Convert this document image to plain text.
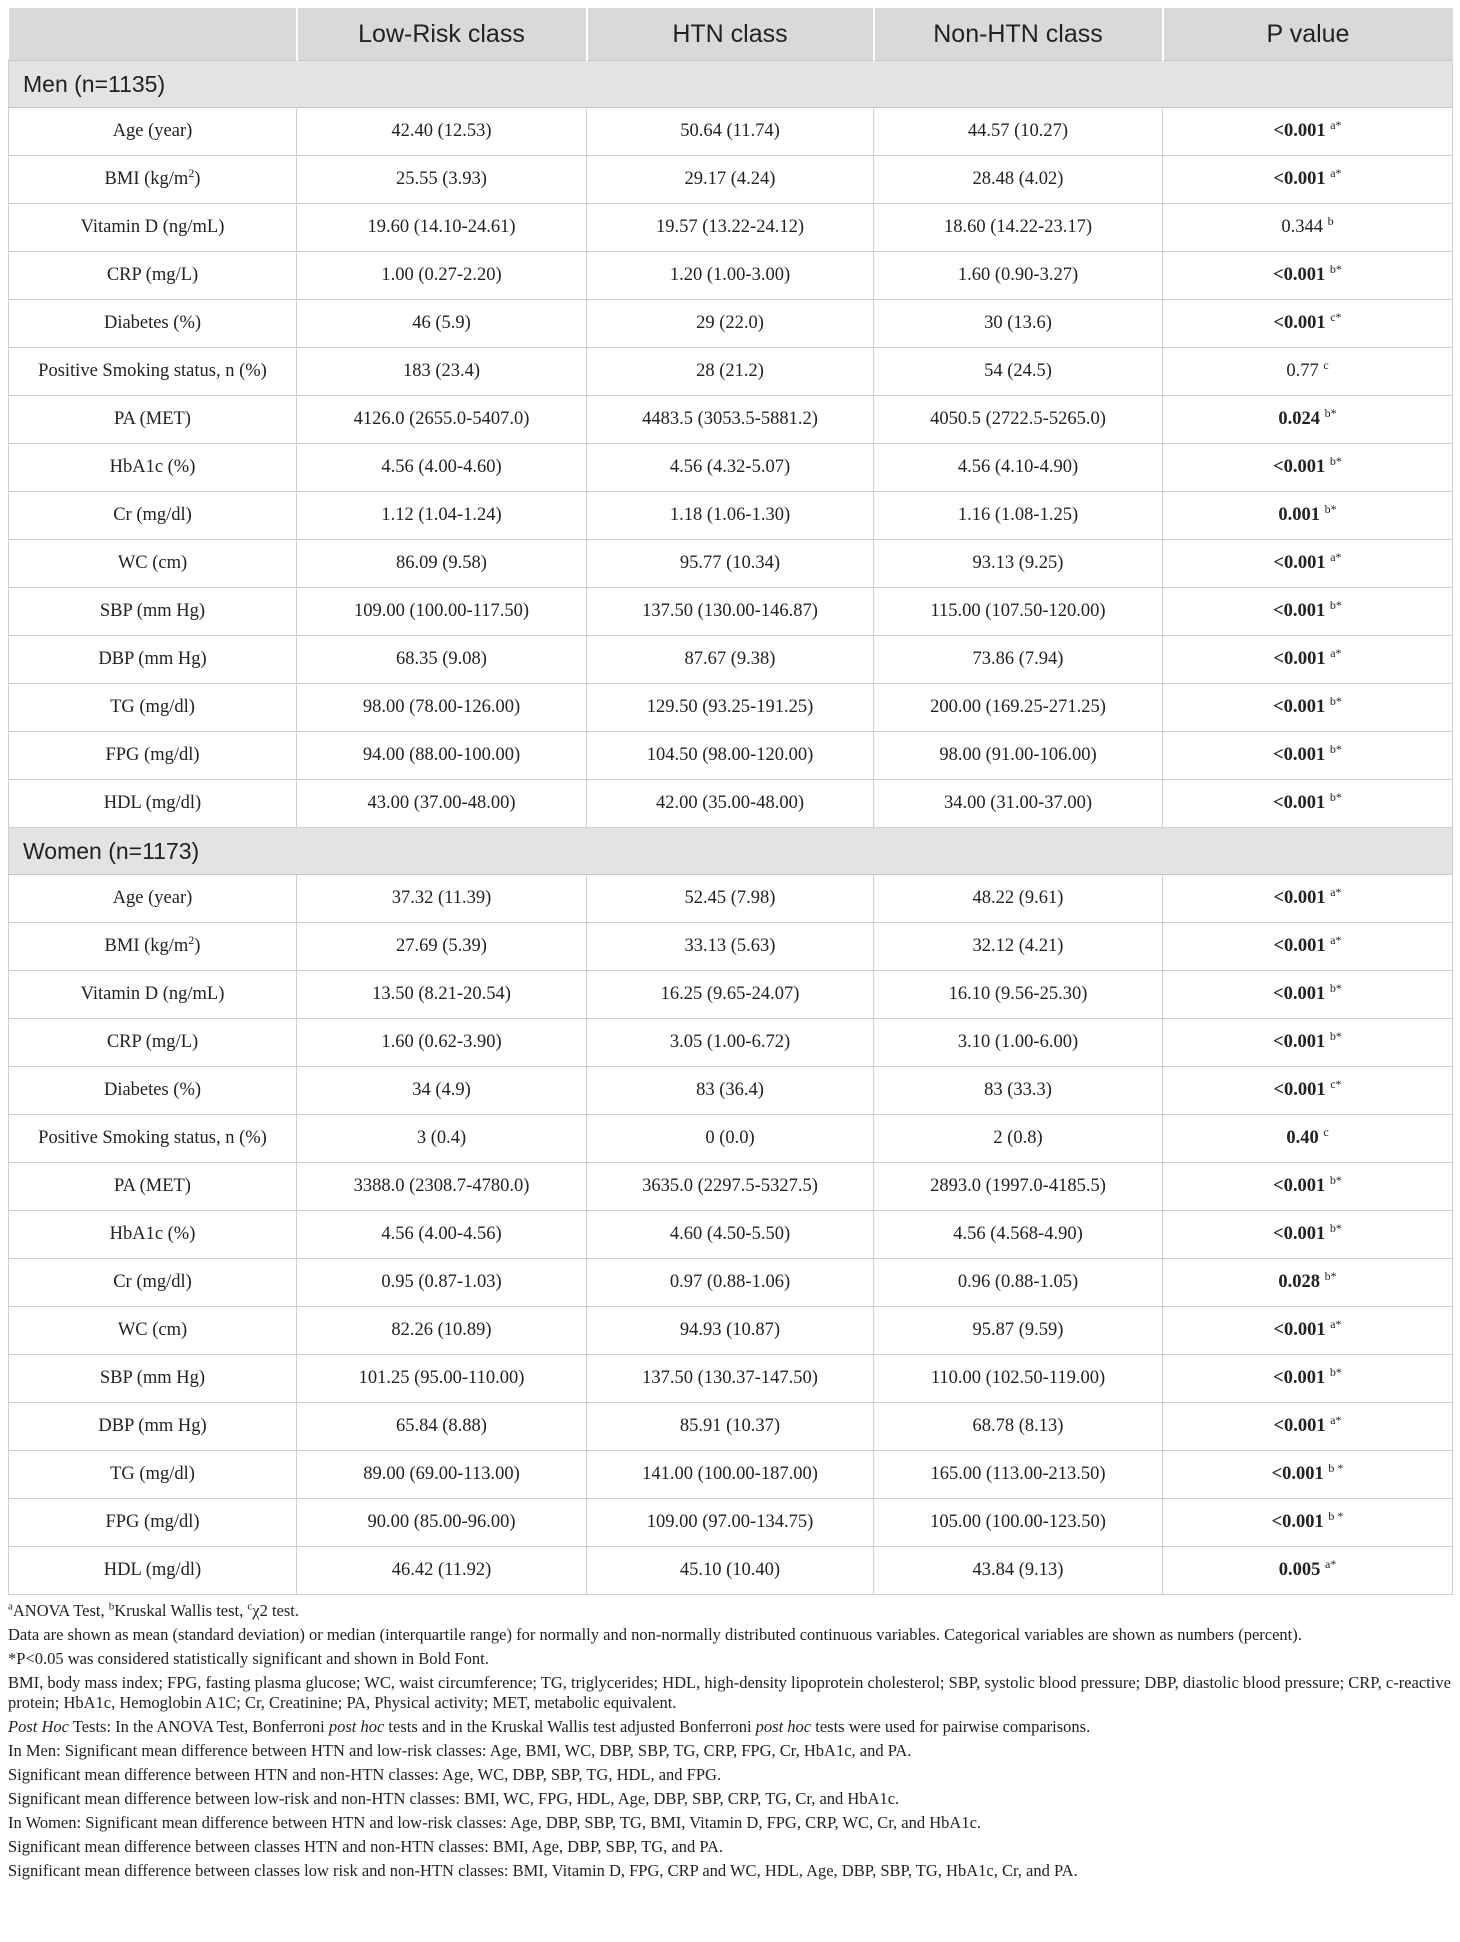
	Low-Risk class	HTN class	Non-HTN class	P value
Men (n=1135)				
Age (year)	42.40 (12.53)	50.64 (11.74)	44.57 (10.27)	<0.001 $^{a*}$
BMI $(kg/m^2)$	25.55 (3.93)	29.17 (4.24)	28.48 (4.02)	<0.001 $^{a*}$
Vitamin D (ng/mL)	19.60 (14.10-24.61)	19.57 (13.22-24.12)	18.60 (14.22-23.17)	0.344 $^b$
CRP (mg/L)	1.00 (0.27-2.20)	1.20 (1.00-3.00)	1.60 (0.90-3.27)	<0.001 $^{b*}$
Diabetes (%)	46 (5.9)	29 (22.0)	30 (13.6)	<0.001 $^{c*}$
Positive Smoking status, n (%)	183 (23.4)	28 (21.2)	54 (24.5)	0.77 $^c$
PA (MET)	4126.0 (2655.0-5407.0)	4483.5 (3053.5-5881.2)	4050.5 (2722.5-5265.0)	0.024 $^{b*}$
HbA1c (%)	4.56 (4.00-4.60)	4.56 (4.32-5.07)	4.56 (4.10-4.90)	<0.001 $^{b*}$
Cr (mg/dl)	1.12 (1.04-1.24)	1.18 (1.06-1.30)	1.16 (1.08-1.25)	0.001 $^{b*}$
WC (cm)	86.09 (9.58)	95.77 (10.34)	93.13 (9.25)	<0.001 $^{a*}$
SBP (mm Hg)	109.00 (100.00-117.50)	137.50 (130.00-146.87)	115.00 (107.50-120.00)	<0.001 $^{b*}$
DBP (mm Hg)	68.35 (9.08)	87.67 (9.38)	73.86 (7.94)	<0.001 $^{a*}$
TG (mg/dl)	98.00 (78.00-126.00)	129.50 (93.25-191.25)	200.00 (169.25-271.25)	<0.001 $^{b*}$
FPG (mg/dl)	94.00 (88.00-100.00)	104.50 (98.00-120.00)	98.00 (91.00-106.00)	<0.001 $^{b*}$
HDL (mg/dl)	43.00 (37.00-48.00)	42.00 (35.00-48.00)	34.00 (31.00-37.00)	<0.001 $^{b*}$
Women (n=1173)				
Age (year)	37.32 (11.39)	52.45 (7.98)	48.22 (9.61)	<0.001 $^{a*}$
BMI $(kg/m^2)$	27.69 (5.39)	33.13 (5.63)	32.12 (4.21)	<0.001 $^{a*}$
Vitamin D (ng/mL)	13.50 (8.21-20.54)	16.25 (9.65-24.07)	16.10 (9.56-25.30)	<0.001 $^{b*}$
CRP (mg/L)	1.60 (0.62-3.90)	3.05 (1.00-6.72)	3.10 (1.00-6.00)	<0.001 $^{b*}$
Diabetes (%)	34 (4.9)	83 (36.4)	83 (33.3)	<0.001 $^{c*}$
Positive Smoking status, n (%)	3 (0.4)	0 (0.0)	2 (0.8)	0.40 $^c$
PA (MET)	3388.0 (2308.7-4780.0)	3635.0 (2297.5-5327.5)	2893.0 (1997.0-4185.5)	<0.001 $^{b*}$
HbA1c (%)	4.56 (4.00-4.56)	4.60 (4.50-5.50)	4.56 (4.568-4.90)	<0.001 $^{b*}$
Cr (mg/dl)	0.95 (0.87-1.03)	0.97 (0.88-1.06)	0.96 (0.88-1.05)	0.028 $^{b*}$
WC (cm)	82.26 (10.89)	94.93 (10.87)	95.87 (9.59)	<0.001 $^{a*}$
SBP (mm Hg)	101.25 (95.00-110.00)	137.50 (130.37-147.50)	110.00 (102.50-119.00)	<0.001 $^{b*}$
DBP (mm Hg)	65.84 (8.88)	85.91 (10.37)	68.78 (8.13)	<0.001 $^{a*}$
TG (mg/dl)	89.00 (69.00-113.00)	141.00 (100.00-187.00)	165.00 (113.00-213.50)	<0.001 $^{b *}$
FPG (mg/dl)	90.00 (85.00-96.00)	109.00 (97.00-134.75)	105.00 (100.00-123.50)	<0.001 $^{b *}$
HDL (mg/dl)	46.42 (11.92)	45.10 (10.40)	43.84 (9.13)	0.005 $^{a*}$

$^a$ANOVA Test, $^b$Kruskal Wallis test, $^c$χ2 test.

Data are shown as mean (standard deviation) or median (interquartile range) for normally and non-normally distributed continuous variables. Categorical variables are shown as numbers (percent).

*P<0.05 was considered statistically significant and shown in Bold Font.

BMI, body mass index; FPG, fasting plasma glucose; WC, waist circumference; TG, triglycerides; HDL, high-density lipoprotein cholesterol; SBP, systolic blood pressure; DBP, diastolic blood pressure; CRP, c-reactive protein; HbA1c, Hemoglobin A1C; Cr, Creatinine; PA, Physical activity; MET, metabolic equivalent.

Post Hoc Tests: In the ANOVA Test, Bonferroni post hoc tests and in the Kruskal Wallis test adjusted Bonferroni post hoc tests were used for pairwise comparisons.

In Men: Significant mean difference between HTN and low-risk classes: Age, BMI, WC, DBP, SBP, TG, CRP, FPG, Cr, HbA1c, and PA.

Significant mean difference between HTN and non-HTN classes: Age, WC, DBP, SBP, TG, HDL, and FPG.

Significant mean difference between low-risk and non-HTN classes: BMI, WC, FPG, HDL, Age, DBP, SBP, CRP, TG, Cr, and HbA1c.

In Women: Significant mean difference between HTN and low-risk classes: Age, DBP, SBP, TG, BMI, Vitamin D, FPG, CRP, WC, Cr, and HbA1c.

Significant mean difference between classes HTN and non-HTN classes: BMI, Age, DBP, SBP, TG, and PA.

Significant mean difference between classes low risk and non-HTN classes: BMI, Vitamin D, FPG, CRP and WC, HDL, Age, DBP, SBP, TG, HbA1c, Cr, and PA.
